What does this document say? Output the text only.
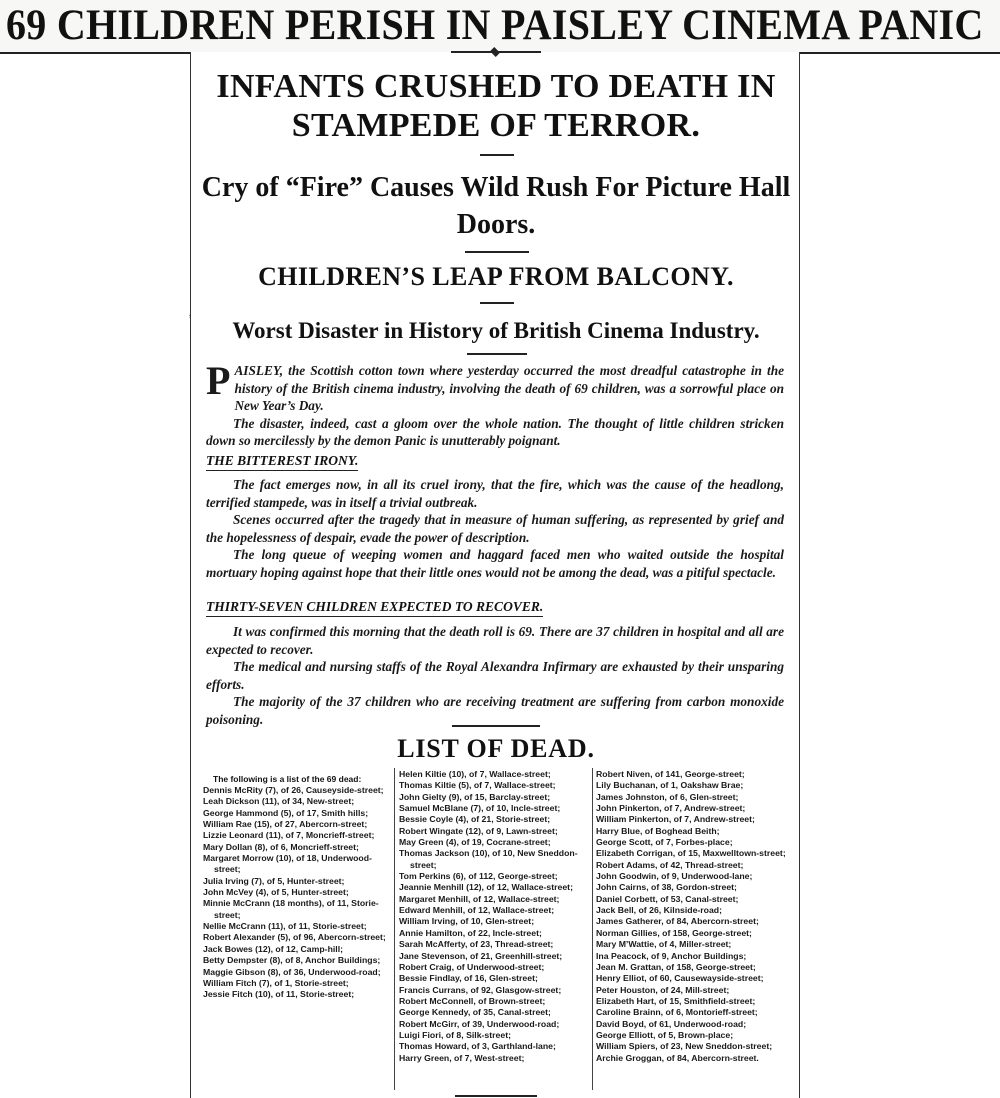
69 CHILDREN PERISH IN PAISLEY CINEMA PANIC
INFANTS CRUSHED TO DEATH IN STAMPEDE OF TERROR.
Cry of “Fire” Causes Wild Rush For Picture Hall Doors.
CHILDREN’S LEAP FROM BALCONY.
Worst Disaster in History of British Cinema Industry.

PAISLEY, the Scottish cotton town where yesterday occurred the most dreadful catastrophe in the history of the British cinema industry, involving the death of 69 children, was a sorrowful place on New Year’s Day.

The disaster, indeed, cast a gloom over the whole nation. The thought of little children stricken down so mercilessly by the demon Panic is unutterably poignant.

THE BITTEREST IRONY.

The fact emerges now, in all its cruel irony, that the fire, which was the cause of the headlong, terrified stampede, was in itself a trivial outbreak.

Scenes occurred after the tragedy that in measure of human suffering, as represented by grief and the hopelessness of despair, evade the power of description.

The long queue of weeping women and haggard faced men who waited outside the hospital mortuary hoping against hope that their little ones would not be among the dead, was a pitiful spectacle.

THIRTY-SEVEN CHILDREN EXPECTED TO RECOVER.

It was confirmed this morning that the death roll is 69. There are 37 children in hospital and all are expected to recover.

The medical and nursing staffs of the Royal Alexandra Infirmary are exhausted by their unsparing efforts.

The majority of the 37 children who are receiving treatment are suffering from carbon monoxide poisoning.

LIST OF DEAD.
The following is a list of the 69 dead:
Dennis McRity (7), of 26, Causeyside-street;
Leah Dickson (11), of 34, New-street;
George Hammond (5), of 17, Smith hills;
William Rae (15), of 27, Abercorn-street;
Lizzie Leonard (11), of 7, Moncrieff-street;
Mary Dollan (8), of 6, Moncrieff-street;
Margaret Morrow (10), of 18, Underwood-street;
Julia Irving (7), of 5, Hunter-street;
John McVey (4), of 5, Hunter-street;
Minnie McCrann (18 months), of 11, Storie-street;
Nellie McCrann (11), of 11, Storie-street;
Robert Alexander (5), of 96, Abercorn-street;
Jack Bowes (12), of 12, Camp-hill;
Betty Dempster (8), of 8, Anchor Buildings;
Maggie Gibson (8), of 36, Underwood-road;
William Fitch (7), of 1, Storie-street;
Jessie Fitch (10), of 11, Storie-street;
Helen Kiltie (10), of 7, Wallace-street;
Thomas Kiltie (5), of 7, Wallace-street;
John Gielty (9), of 15, Barclay-street;
Samuel McBlane (7), of 10, Incle-street;
Bessie Coyle (4), of 21, Storie-street;
Robert Wingate (12), of 9, Lawn-street;
May Green (4), of 19, Cocrane-street;
Thomas Jackson (10), of 10, New Sneddon-street;
Tom Perkins (6), of 112, George-street;
Jeannie Menhill (12), of 12, Wallace-street;
Margaret Menhill, of 12, Wallace-street;
Edward Menhill, of 12, Wallace-street;
William Irving, of 10, Glen-street;
Annie Hamilton, of 22, Incle-street;
Sarah McAfferty, of 23, Thread-street;
Jane Stevenson, of 21, Greenhill-street;
Robert Craig, of Underwood-street;
Bessie Findlay, of 16, Glen-street;
Francis Currans, of 92, Glasgow-street;
Robert McConnell, of Brown-street;
George Kennedy, of 35, Canal-street;
Robert McGirr, of 39, Underwood-road;
Luigi Fiori, of 8, Silk-street;
Thomas Howard, of 3, Garthland-lane;
Harry Green, of 7, West-street;
Robert Niven, of 141, George-street;
Lily Buchanan, of 1, Oakshaw Brae;
James Johnston, of 6, Glen-street;
John Pinkerton, of 7, Andrew-street;
William Pinkerton, of 7, Andrew-street;
Harry Blue, of Boghead Beith;
George Scott, of 7, Forbes-place;
Elizabeth Corrigan, of 15, Maxwelltown-street;
Robert Adams, of 42, Thread-street;
John Goodwin, of 9, Underwood-lane;
John Cairns, of 38, Gordon-street;
Daniel Corbett, of 53, Canal-street;
Jack Bell, of 26, Kilnside-road;
James Gatherer, of 84, Abercorn-street;
Norman Gillies, of 158, George-street;
Mary M’Wattie, of 4, Miller-street;
Ina Peacock, of 9, Anchor Buildings;
Jean M. Grattan, of 158, George-street;
Henry Elliot, of 60, Causewayside-street;
Peter Houston, of 24, Mill-street;
Elizabeth Hart, of 15, Smithfield-street;
Caroline Brainn, of 6, Montorieff-street;
David Boyd, of 61, Underwood-road;
George Elliott, of 5, Brown-place;
William Spiers, of 23, New Sneddon-street;
Archie Groggan, of 84, Abercorn-street.
